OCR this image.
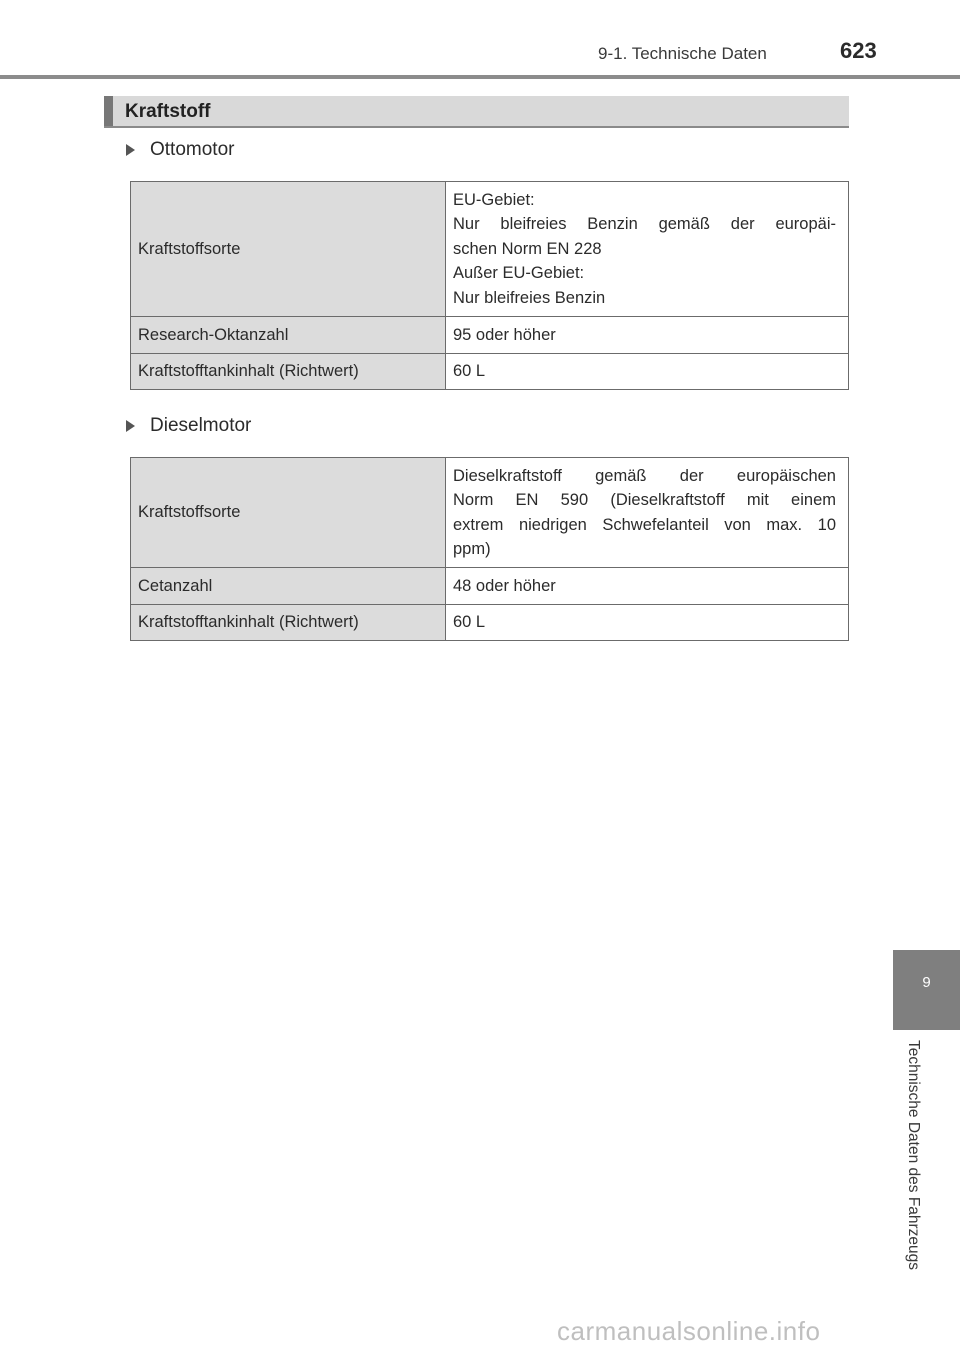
9-1. Technische Daten	623
Kraftstoff
Ottomotor
Kraftstoffsorte	EU-Gebiet:
Nur bleifreies Benzin gemäß der europäi-
schen Norm EN 228
Außer EU-Gebiet:
Nur bleifreies Benzin

Research-Oktanzahl	95 oder höher
Kraftstofftankinhalt (Richtwert)	60 L
Dieselmotor
Kraftstoffsorte	Dieselkraftstoff gemäß der europäischen
Norm EN 590 (Dieselkraftstoff mit einem
extrem niedrigen Schwefelanteil von max. 10
ppm)

Cetanzahl	48 oder höher
Kraftstofftankinhalt (Richtwert)	60 L
9
Technische Daten des Fahrzeugs
carmanualsonline.info
